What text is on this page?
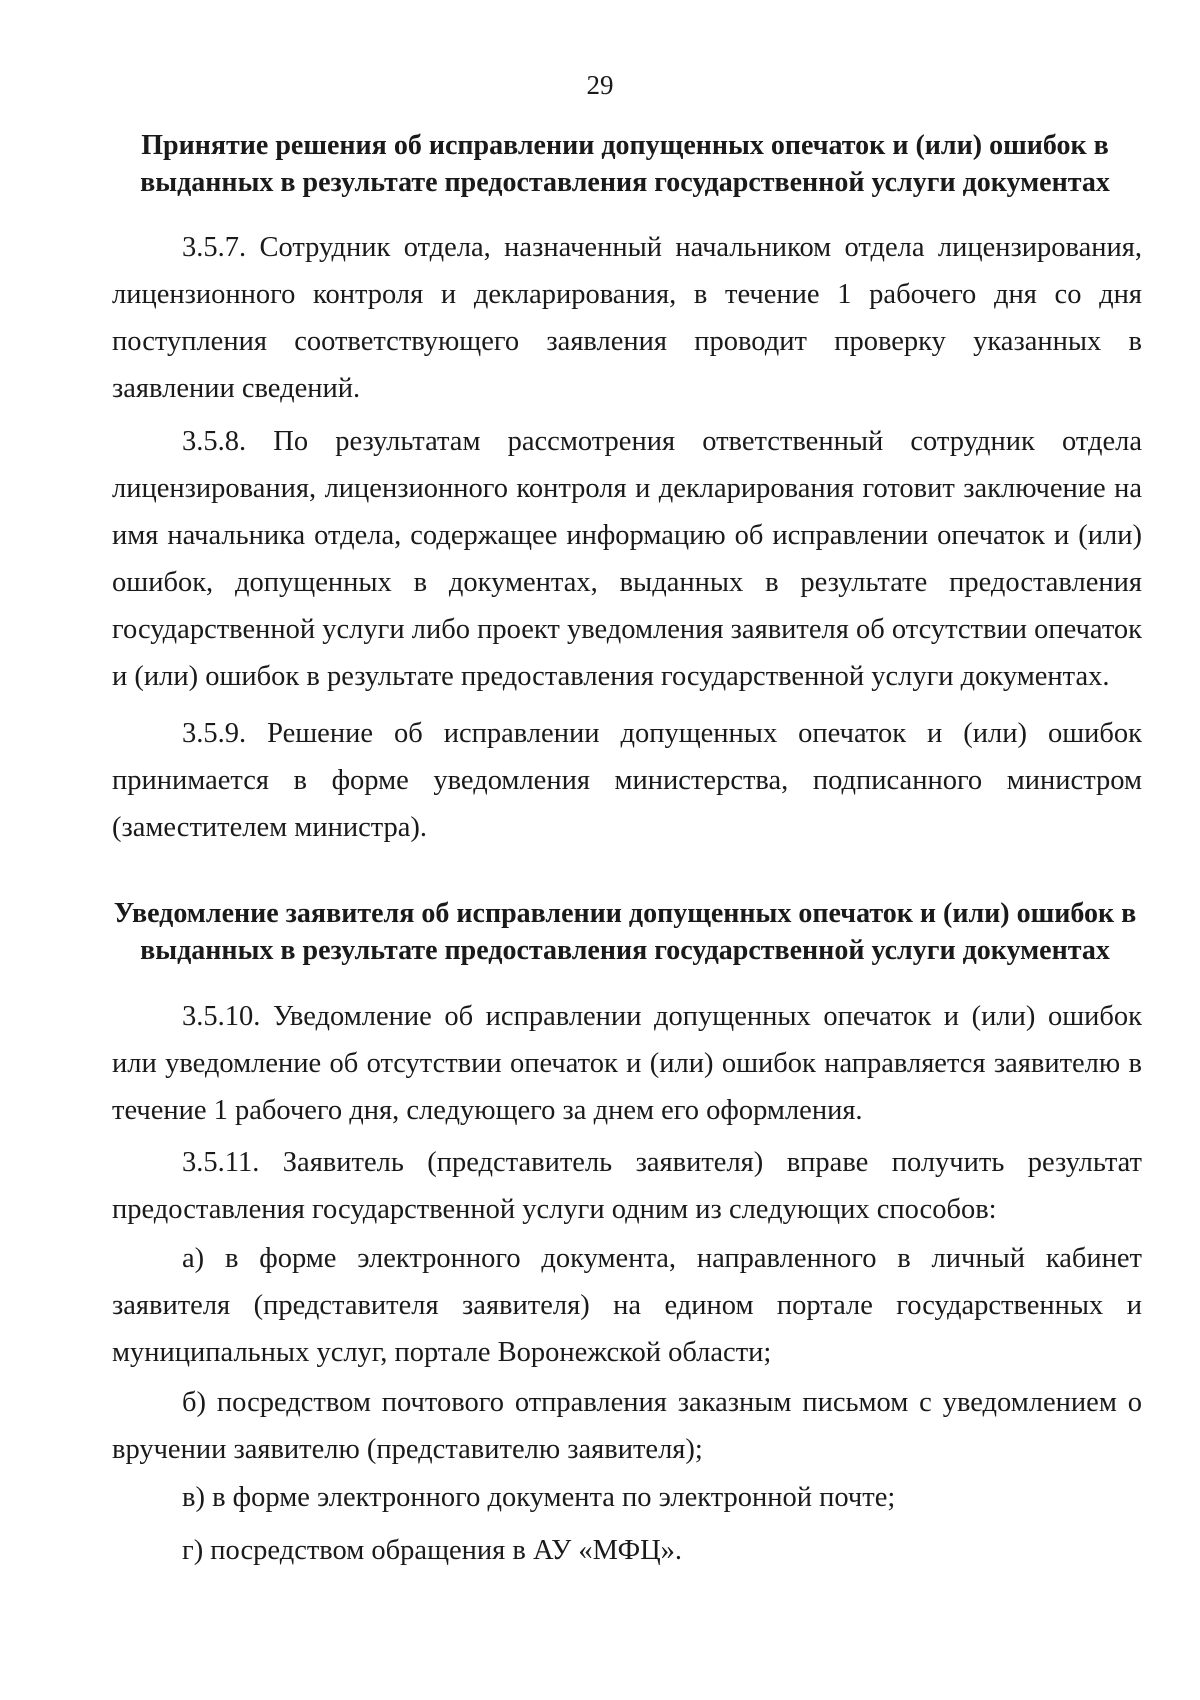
29
Принятие решения об исправлении допущенных опечаток и (или) ошибок в выданных в результате предоставления государственной услуги документах
3.5.7. Сотрудник отдела, назначенный начальником отдела лицензирования, лицензионного контроля и декларирования, в течение 1 рабочего дня со дня поступления соответствующего заявления проводит проверку указанных в заявлении сведений.
3.5.8. По результатам рассмотрения ответственный сотрудник отдела лицензирования, лицензионного контроля и декларирования готовит заключение на имя начальника отдела, содержащее информацию об исправлении опечаток и (или) ошибок, допущенных в документах, выданных в результате предоставления государственной услуги либо проект уведомления заявителя об отсутствии опечаток и (или) ошибок в результате предоставления государственной услуги документах.
3.5.9. Решение об исправлении допущенных опечаток и (или) ошибок принимается в форме уведомления министерства, подписанного министром (заместителем министра).
Уведомление заявителя об исправлении допущенных опечаток и (или) ошибок в выданных в результате предоставления государственной услуги документах
3.5.10. Уведомление об исправлении допущенных опечаток и (или) ошибок или уведомление об отсутствии опечаток и (или) ошибок направляется заявителю в течение 1 рабочего дня, следующего за днем его оформления.
3.5.11. Заявитель (представитель заявителя) вправе получить результат предоставления государственной услуги одним из следующих способов:
а) в форме электронного документа, направленного в личный кабинет заявителя (представителя заявителя) на едином портале государственных и муниципальных услуг, портале Воронежской области;
б) посредством почтового отправления заказным письмом с уведомлением о вручении заявителю (представителю заявителя);
в) в форме электронного документа по электронной почте;
г) посредством обращения в АУ «МФЦ».
